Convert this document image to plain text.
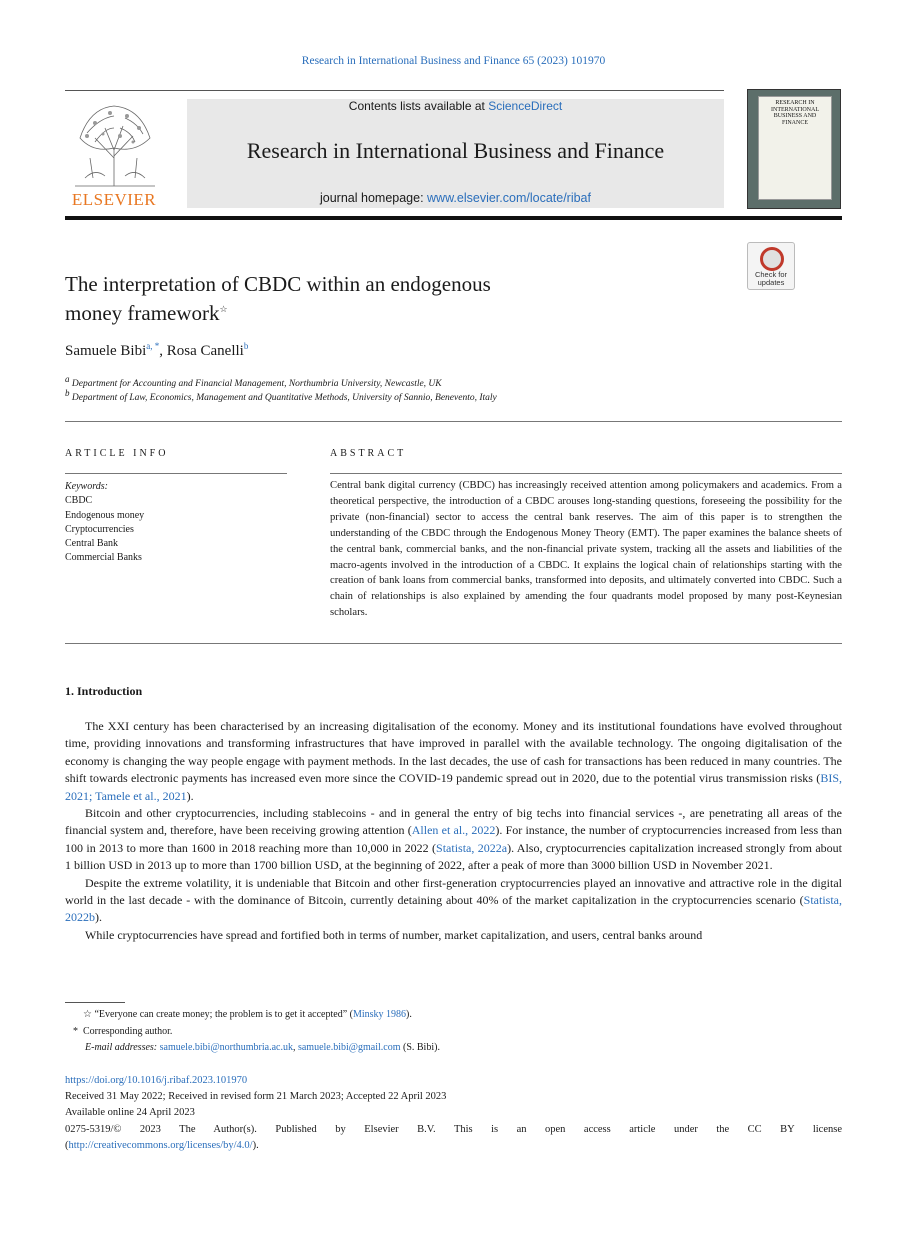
Research in International Business and Finance 65 (2023) 101970
ELSEVIER
Contents lists available at ScienceDirect
Research in International Business and Finance
journal homepage: www.elsevier.com/locate/ribaf
RESEARCH IN INTERNATIONAL BUSINESS AND FINANCE
Check for updates
The interpretation of CBDC within an endogenous
money framework☆
Samuele Bibi$^{a, *}$, Rosa Canelli$^b$
$^a$ Department for Accounting and Financial Management, Northumbria University, Newcastle, UK
$^b$ Department of Law, Economics, Management and Quantitative Methods, University of Sannio, Benevento, Italy
ARTICLE INFO	ABSTRACT
Keywords:
CBDC
Endogenous money
Cryptocurrencies
Central Bank
Commercial Banks
Central bank digital currency (CBDC) has increasingly received attention among policymakers and academics. From a theoretical perspective, the introduction of a CBDC arouses long-standing questions, foreseeing the possibility for the private (non-financial) sector to access the central bank reserves. The aim of this paper is to strengthen the understanding of the CBDC through the Endogenous Money Theory (EMT). The paper examines the balance sheets of the central bank, commercial banks, and the non-financial private system, tracking all the assets and liabilities of the macro-agents involved in the introduction of a CBDC. It explains the logical chain of relationships starting with the creation of bank loans from commercial banks, transformed into deposits, and ultimately converted into CBDC. Such a chain of relationships is also explained by amending the four quadrants model proposed by many post-Keynesian scholars.
1. Introduction

The XXI century has been characterised by an increasing digitalisation of the economy. Money and its institutional foundations have evolved throughout time, providing innovations and transforming infrastructures that have improved in parallel with the available technology. The ongoing digitalisation of the economy is changing the way people engage with payment methods. In the last decades, the use of cash for transactions has been reduced in many countries. The shift towards electronic payments has increased even more since the COVID-19 pandemic spread out in 2020, due to the potential virus transmission risks (BIS, 2021; Tamele et al., 2021).

Bitcoin and other cryptocurrencies, including stablecoins - and in general the entry of big techs into financial services -, are penetrating all areas of the financial system and, therefore, have been receiving growing attention (Allen et al., 2022). For instance, the number of cryptocurrencies increased from less than 100 in 2013 to more than 1600 in 2018 reaching more than 10,000 in 2022 (Statista, 2022a). Also, cryptocurrencies capitalization increased strongly from about 1 billion USD in 2013 up to more than 1700 billion USD, at the beginning of 2022, after a peak of more than 3000 billion USD in November 2021.

Despite the extreme volatility, it is undeniable that Bitcoin and other first-generation cryptocurrencies played an innovative and attractive role in the digital world in the last decade - with the dominance of Bitcoin, currently detaining about 40% of the market capitalization in the cryptocurrencies scenario (Statista, 2022b).

While cryptocurrencies have spread and fortified both in terms of number, market capitalization, and users, central banks around

☆ “Everyone can create money; the problem is to get it accepted” (Minsky 1986).
* Corresponding author.
E-mail addresses: samuele.bibi@northumbria.ac.uk, samuele.bibi@gmail.com (S. Bibi).
https://doi.org/10.1016/j.ribaf.2023.101970
Received 31 May 2022; Received in revised form 21 March 2023; Accepted 22 April 2023
Available online 24 April 2023
0275-5319/© 2023 The Author(s). Published by Elsevier B.V. This is an open access article under the CC BY license
(http://creativecommons.org/licenses/by/4.0/).
